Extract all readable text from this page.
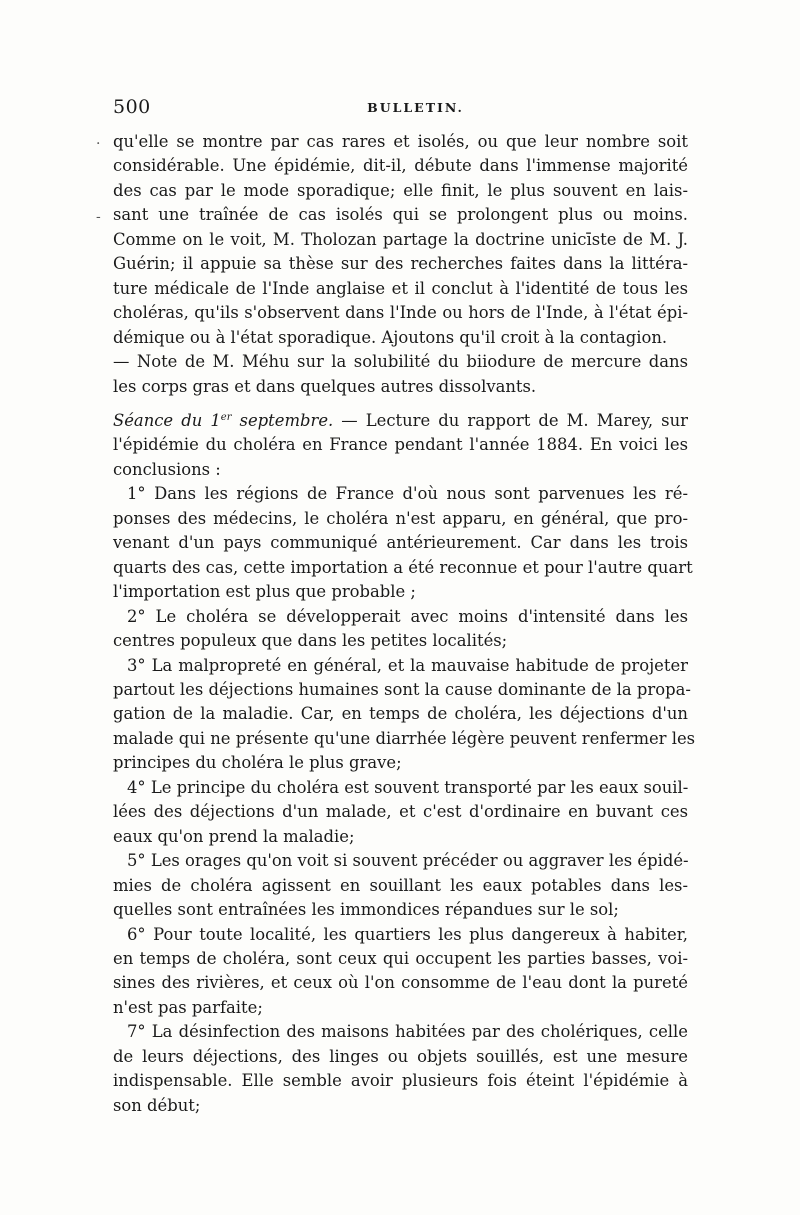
500	BULLETIN.
·
-

qu'elle se montre par cas rares et isolés, ou que leur nombre soit
considérable. Une épidémie, dit-il, débute dans l'immense majorité
des cas par le mode sporadique; elle finit, le plus souvent en lais-
sant une traînée de cas isolés qui se prolongent plus ou moins.
Comme on le voit, M. Tholozan partage la doctrine unicīste de M. J.
Guérin; il appuie sa thèse sur des recherches faites dans la littéra-
ture médicale de l'Inde anglaise et il conclut à l'identité de tous les
choléras, qu'ils s'observent dans l'Inde ou hors de l'Inde, à l'état épi-
démique ou à l'état sporadique. Ajoutons qu'il croit à la contagion.

— Note de M. Méhu sur la solubilité du biiodure de mercure dans
les corps gras et dans quelques autres dissolvants.

Séance du 1er septembre. — Lecture du rapport de M. Marey, sur
l'épidémie du choléra en France pendant l'année 1884. En voici les
conclusions :

1° Dans les régions de France d'où nous sont parvenues les ré-
ponses des médecins, le choléra n'est apparu, en général, que pro-
venant d'un pays communiqué antérieurement. Car dans les trois
quarts des cas, cette importation a été reconnue et pour l'autre quart
l'importation est plus que probable ;

2° Le choléra se développerait avec moins d'intensité dans les
centres populeux que dans les petites localités;

3° La malpropreté en général, et la mauvaise habitude de projeter
partout les déjections humaines sont la cause dominante de la propa-
gation de la maladie. Car, en temps de choléra, les déjections d'un
malade qui ne présente qu'une diarrhée légère peuvent renfermer les
principes du choléra le plus grave;

4° Le principe du choléra est souvent transporté par les eaux souil-
lées des déjections d'un malade, et c'est d'ordinaire en buvant ces
eaux qu'on prend la maladie;

5° Les orages qu'on voit si souvent précéder ou aggraver les épidé-
mies de choléra agissent en souillant les eaux potables dans les-
quelles sont entraînées les immondices répandues sur le sol;

6° Pour toute localité, les quartiers les plus dangereux à habiter,
en temps de choléra, sont ceux qui occupent les parties basses, voi-
sines des rivières, et ceux où l'on consomme de l'eau dont la pureté
n'est pas parfaite;

7° La désinfection des maisons habitées par des cholériques, celle
de leurs déjections, des linges ou objets souillés, est une mesure
indispensable. Elle semble avoir plusieurs fois éteint l'épidémie à
son début;
